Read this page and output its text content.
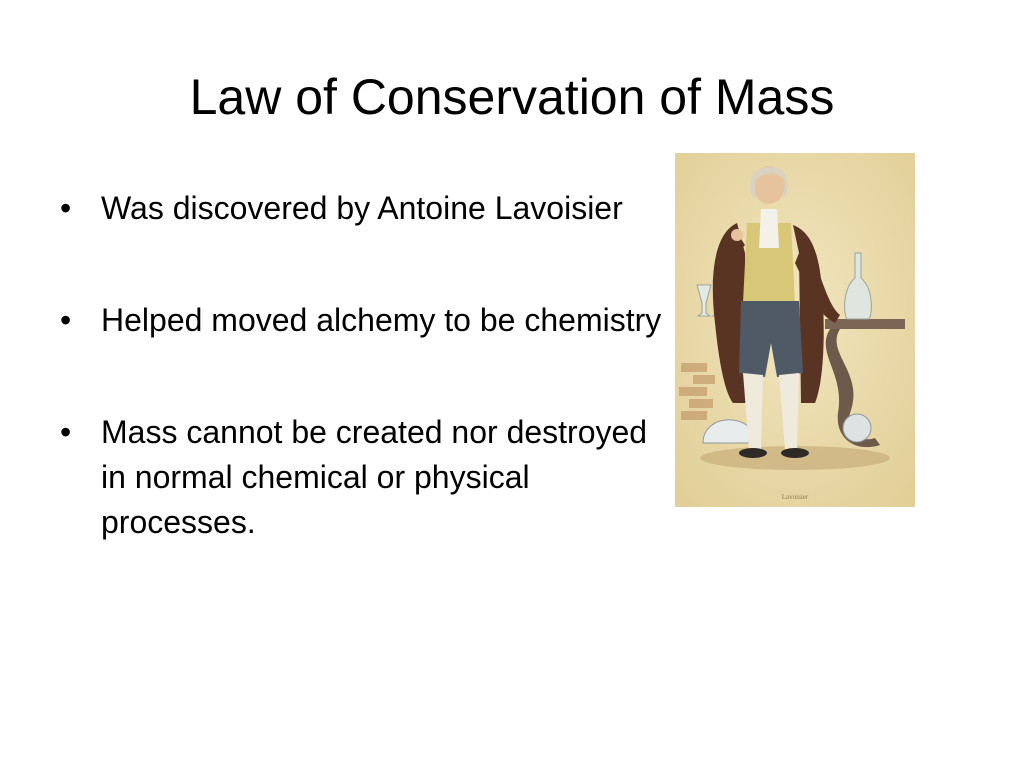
Law of Conservation of Mass
• Was discovered by Antoine Lavoisier
• Helped moved alchemy to be chemistry
• Mass cannot be created nor destroyed in normal chemical or physical processes.
Lavoisier
